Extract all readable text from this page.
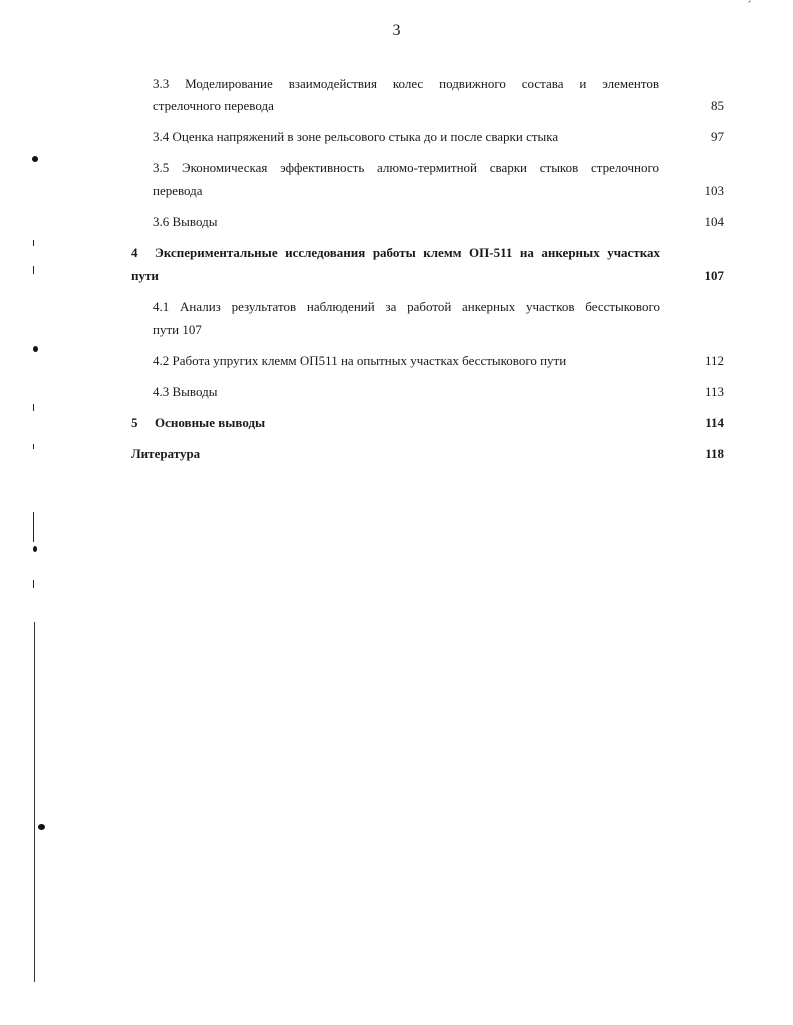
3
3.3 Моделирование взаимодействия колес подвижного состава и элементов
стрелочного перевода	85
3.4 Оценка напряжений в зоне рельсового стыка до и после сварки стыка	97
3.5 Экономическая эффективность алюмо-термитной сварки стыков стрелочного
перевода	103
3.6 Выводы	104
4 Экспериментальные исследования работы клемм ОП-511 на анкерных участках
пути	107
4.1 Анализ результатов наблюдений за работой анкерных участков бесстыкового
пути 107
4.2 Работа упругих клемм ОП511 на опытных участках бесстыкового пути	112
4.3 Выводы	113
5 Основные выводы	114
Литература	118
